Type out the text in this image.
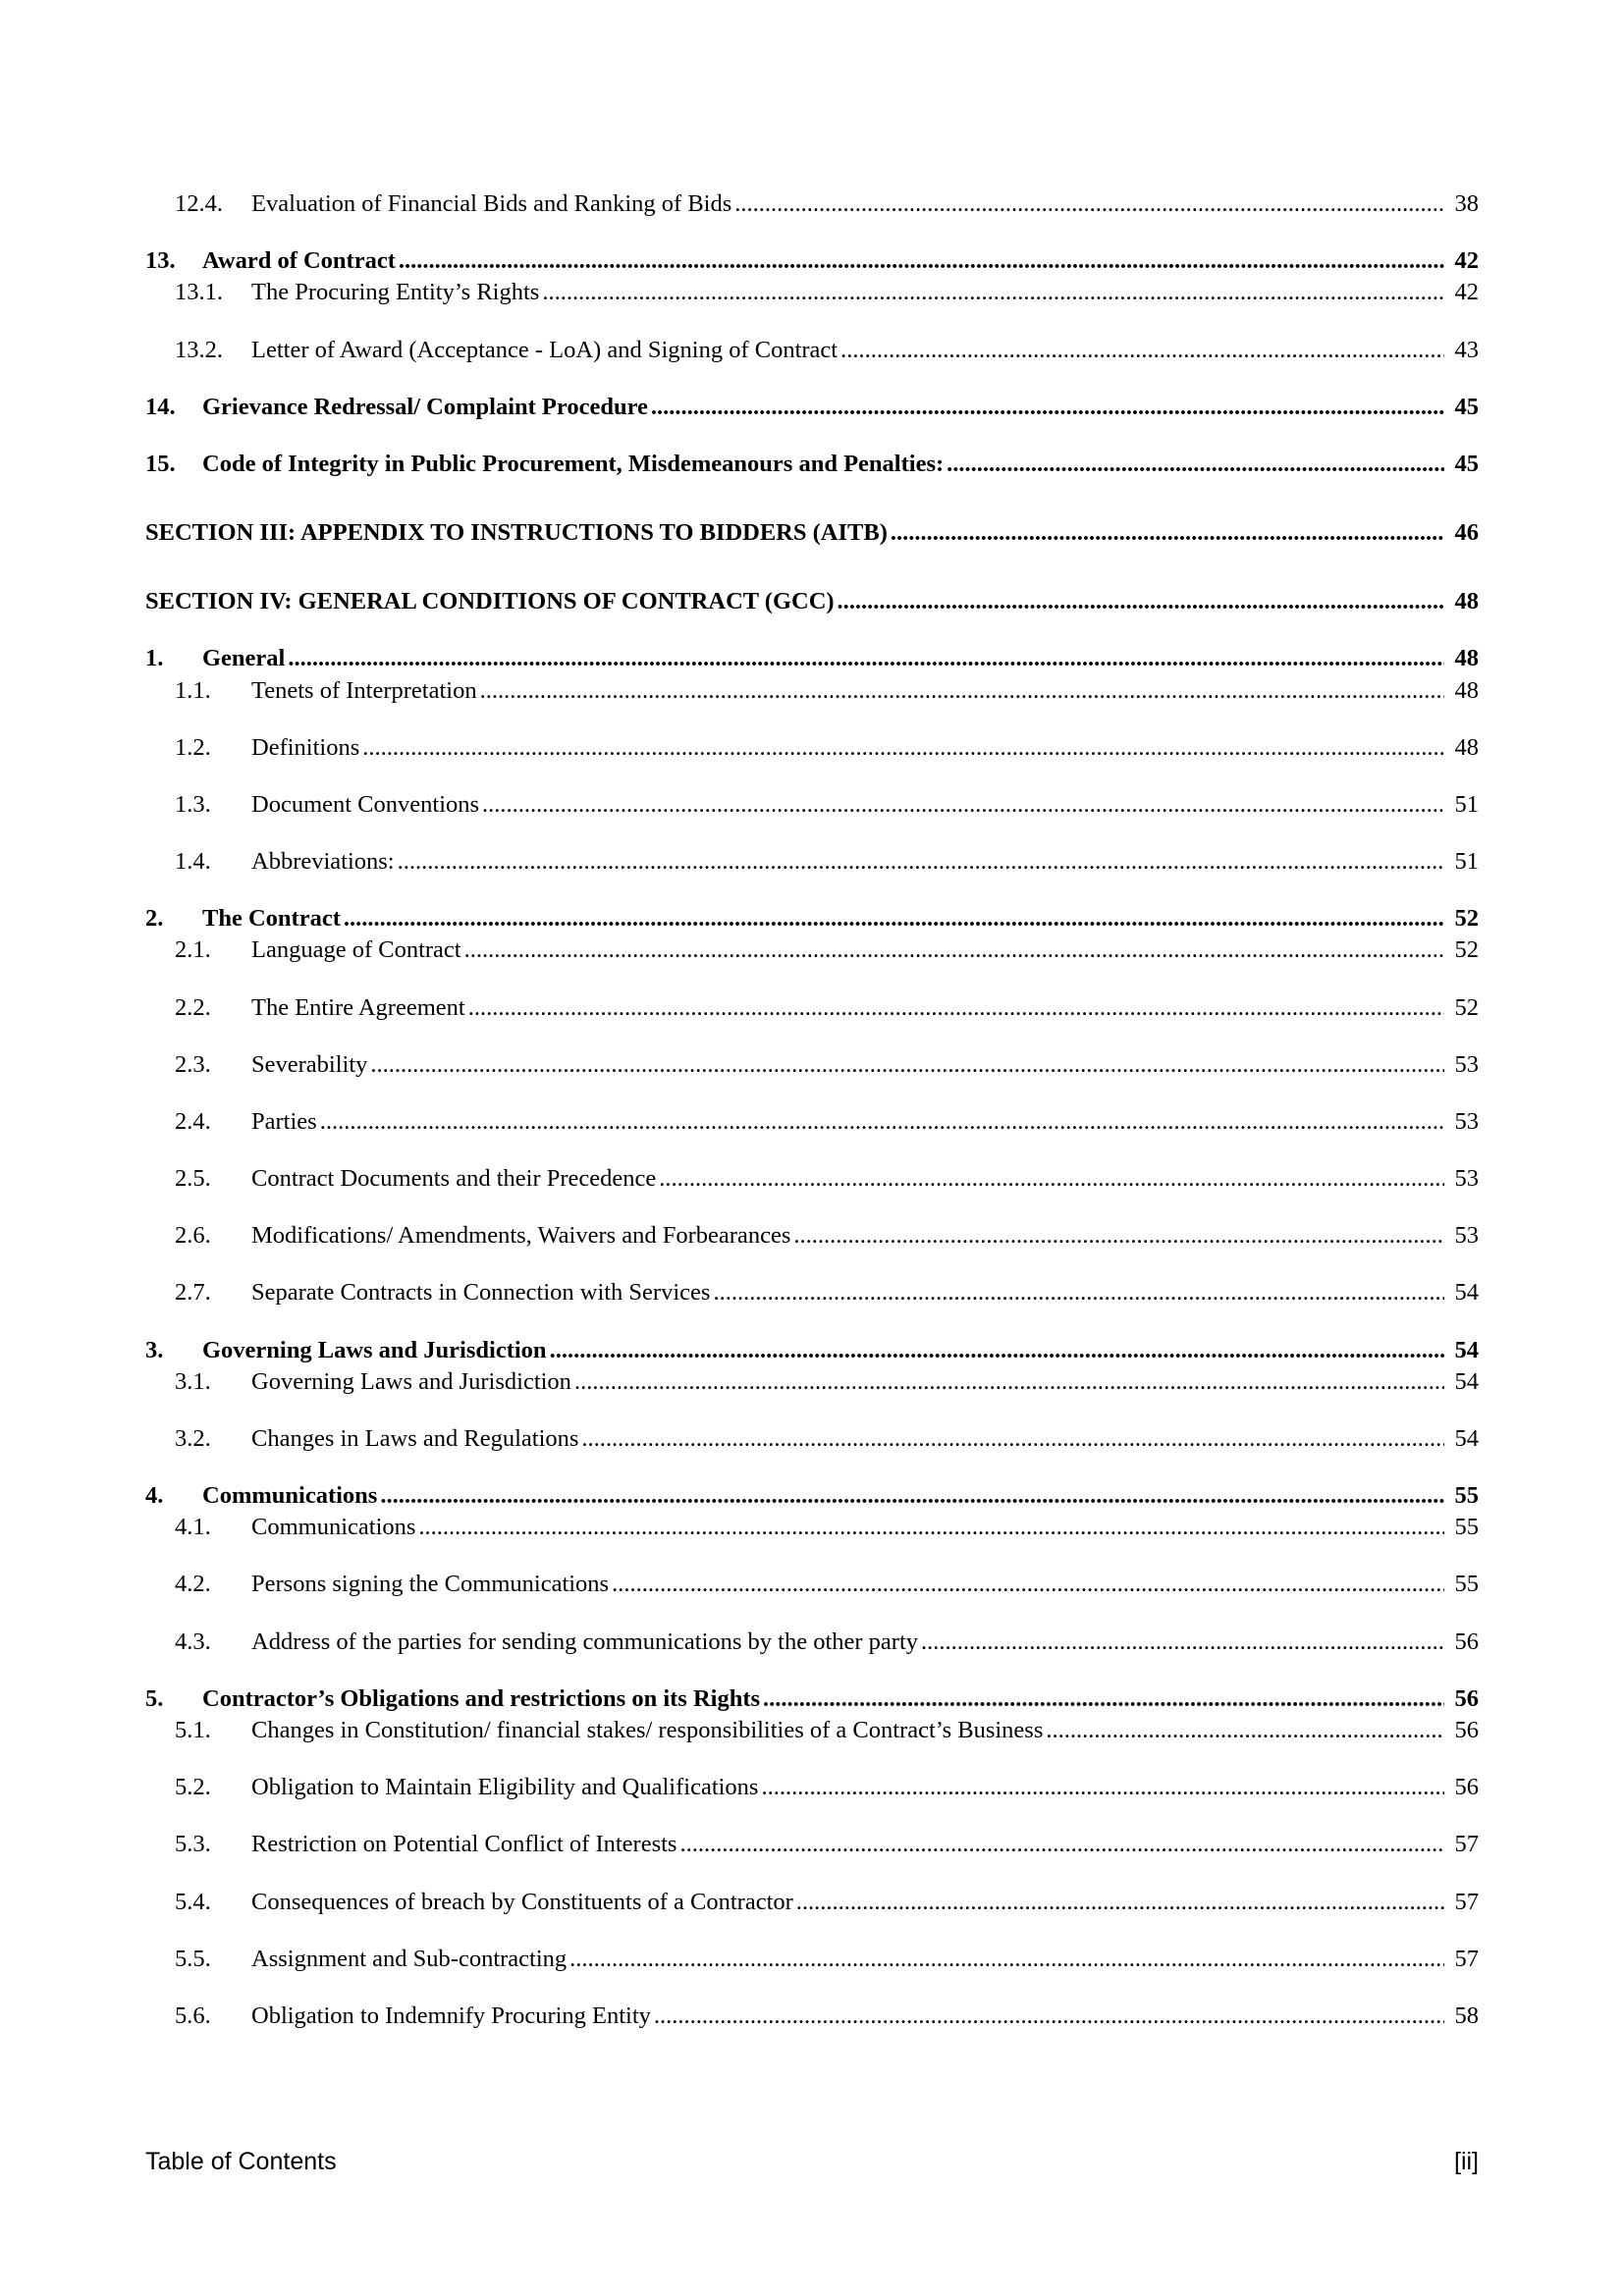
12.4.	Evaluation of Financial Bids and Ranking of Bids .....	38
13.	Award of Contract .....	42
13.1.	The Procuring Entity’s Rights .....	42
13.2.	Letter of Award (Acceptance - LoA) and Signing of Contract .....	43
14.	Grievance Redressal/ Complaint Procedure .....	45
15.	Code of Integrity in Public Procurement, Misdemeanours and Penalties: .....	45
SECTION III: APPENDIX TO INSTRUCTIONS TO BIDDERS (AITB) .....	46
SECTION IV: GENERAL CONDITIONS OF CONTRACT (GCC) .....	48
1.	General .....	48
1.1.	Tenets of Interpretation .....	48
1.2.	Definitions .....	48
1.3.	Document Conventions .....	51
1.4.	Abbreviations: .....	51
2.	The Contract .....	52
2.1.	Language of Contract .....	52
2.2.	The Entire Agreement .....	52
2.3.	Severability .....	53
2.4.	Parties .....	53
2.5.	Contract Documents and their Precedence .....	53
2.6.	Modifications/ Amendments, Waivers and Forbearances .....	53
2.7.	Separate Contracts in Connection with Services .....	54
3.	Governing Laws and Jurisdiction .....	54
3.1.	Governing Laws and Jurisdiction .....	54
3.2.	Changes in Laws and Regulations .....	54
4.	Communications .....	55
4.1.	Communications .....	55
4.2.	Persons signing the Communications .....	55
4.3.	Address of the parties for sending communications by the other party .....	56
5.	Contractor’s Obligations and restrictions on its Rights .....	56
5.1.	Changes in Constitution/ financial stakes/ responsibilities of a Contract’s Business .....	56
5.2.	Obligation to Maintain Eligibility and Qualifications .....	56
5.3.	Restriction on Potential Conflict of Interests .....	57
5.4.	Consequences of breach by Constituents of a Contractor .....	57
5.5.	Assignment and Sub-contracting .....	57
5.6.	Obligation to Indemnify Procuring Entity .....	58
Table of Contents	[ii]
